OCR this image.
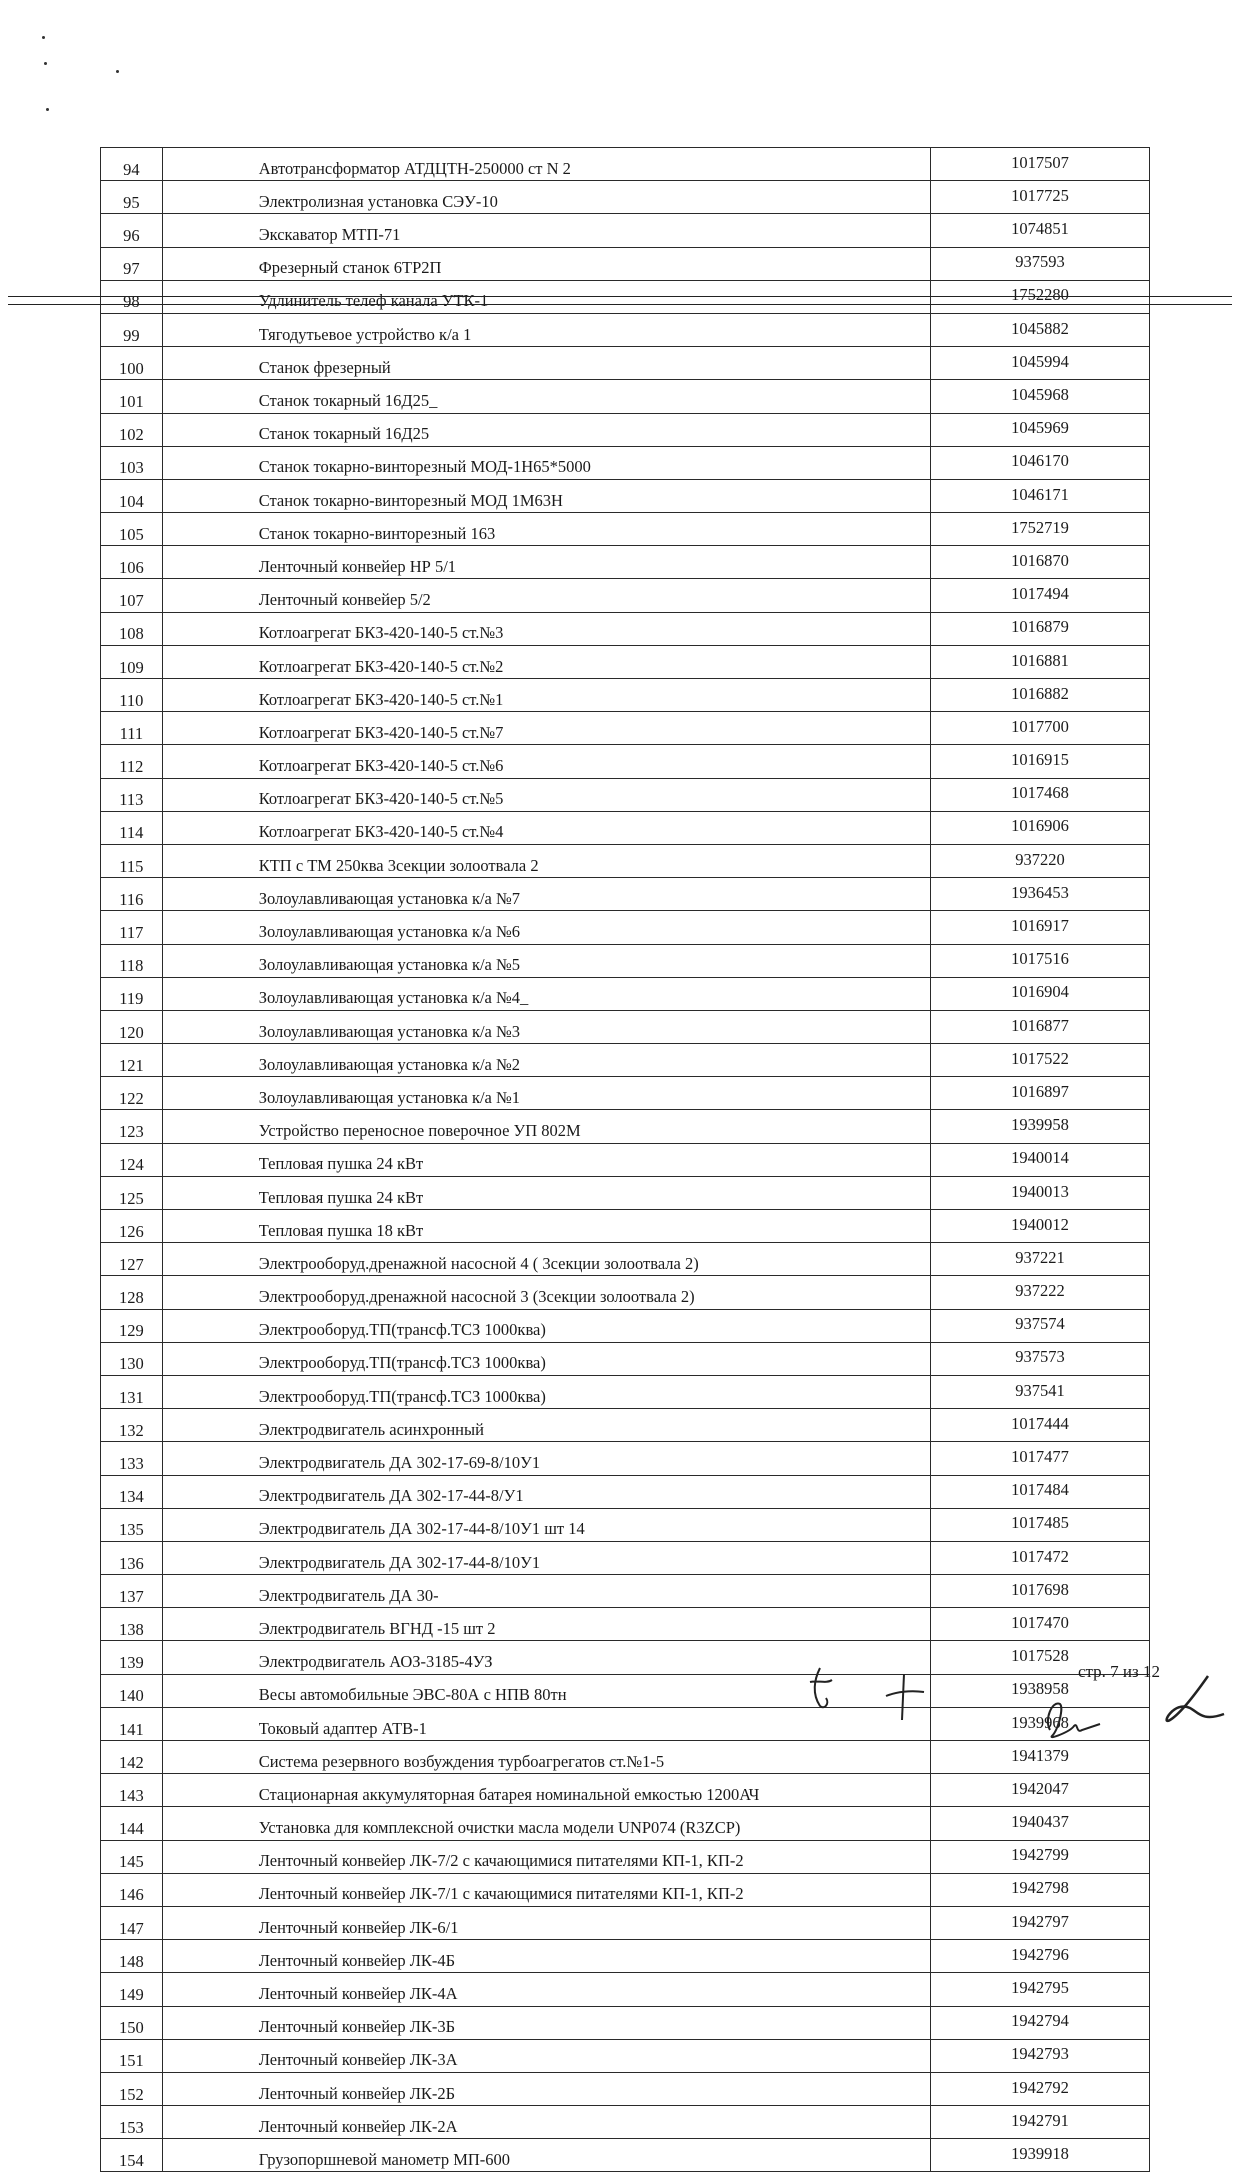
94	Автотрансформатор АТДЦТН-250000 ст N 2	1017507
95	Электролизная установка СЭУ-10	1017725
96	Экскаватор МТП-71	1074851
97	Фрезерный станок 6ТР2П	937593
98	Удлинитель телеф канала УТК-1	1752280
99	Тягодутьевое устройство к/а 1	1045882
100	Станок фрезерный	1045994
101	Станок токарный 16Д25_	1045968
102	Станок токарный 16Д25	1045969
103	Станок токарно-винторезный МОД-1Н65*5000	1046170
104	Станок токарно-винторезный МОД 1М63Н	1046171
105	Станок токарно-винторезный 163	1752719
106	Ленточный конвейер НР 5/1	1016870
107	Ленточный конвейер 5/2	1017494
108	Котлоагрегат БКЗ-420-140-5 ст.№3	1016879
109	Котлоагрегат БКЗ-420-140-5 ст.№2	1016881
110	Котлоагрегат БКЗ-420-140-5 ст.№1	1016882
111	Котлоагрегат БКЗ-420-140-5 ст.№7	1017700
112	Котлоагрегат БКЗ-420-140-5 ст.№6	1016915
113	Котлоагрегат БКЗ-420-140-5 ст.№5	1017468
114	Котлоагрегат БКЗ-420-140-5 ст.№4	1016906
115	КТП с ТМ 250ква 3секции золоотвала 2	937220
116	Золоулавливающая установка к/а №7	1936453
117	Золоулавливающая установка к/а №6	1016917
118	Золоулавливающая установка к/а №5	1017516
119	Золоулавливающая установка к/а №4_	1016904
120	Золоулавливающая установка к/а №3	1016877
121	Золоулавливающая установка к/а №2	1017522
122	Золоулавливающая установка к/а №1	1016897
123	Устройство переносное поверочное УП 802М	1939958
124	Тепловая пушка 24 кВт	1940014
125	Тепловая пушка 24 кВт	1940013
126	Тепловая пушка 18 кВт	1940012
127	Электрооборуд.дренажной насосной 4 ( 3секции золоотвала 2)	937221
128	Электрооборуд.дренажной насосной 3 (3секции золоотвала 2)	937222
129	Электрооборуд.ТП(трансф.ТСЗ 1000ква)	937574
130	Электрооборуд.ТП(трансф.ТСЗ 1000ква)	937573
131	Электрооборуд.ТП(трансф.ТСЗ 1000ква)	937541
132	Электродвигатель асинхронный	1017444
133	Электродвигатель ДА 302-17-69-8/10У1	1017477
134	Электродвигатель ДА 302-17-44-8/У1	1017484
135	Электродвигатель ДА 302-17-44-8/10У1 шт 14	1017485
136	Электродвигатель ДА 302-17-44-8/10У1	1017472
137	Электродвигатель ДА 30-	1017698
138	Электродвигатель ВГНД -15 шт 2	1017470
139	Электродвигатель АОЗ-3185-4УЗ	1017528
140	Весы автомобильные ЭВС-80А с НПВ 80тн	1938958
141	Токовый адаптер АТВ-1	1939968
142	Система резервного возбуждения турбоагрегатов ст.№1-5	1941379
143	Стационарная аккумуляторная батарея номинальной емкостью 1200АЧ	1942047
144	Установка для комплексной очистки масла модели UNP074 (R3ZCP)	1940437
145	Ленточный конвейер ЛК-7/2 с качающимися питателями КП-1, КП-2	1942799
146	Ленточный конвейер ЛК-7/1 с качающимися питателями КП-1, КП-2	1942798
147	Ленточный конвейер ЛК-6/1	1942797
148	Ленточный конвейер ЛК-4Б	1942796
149	Ленточный конвейер ЛК-4А	1942795
150	Ленточный конвейер ЛК-3Б	1942794
151	Ленточный конвейер ЛК-3А	1942793
152	Ленточный конвейер ЛК-2Б	1942792
153	Ленточный конвейер ЛК-2А	1942791
154	Грузопоршневой манометр МП-600	1939918
стр. 7 из 12
